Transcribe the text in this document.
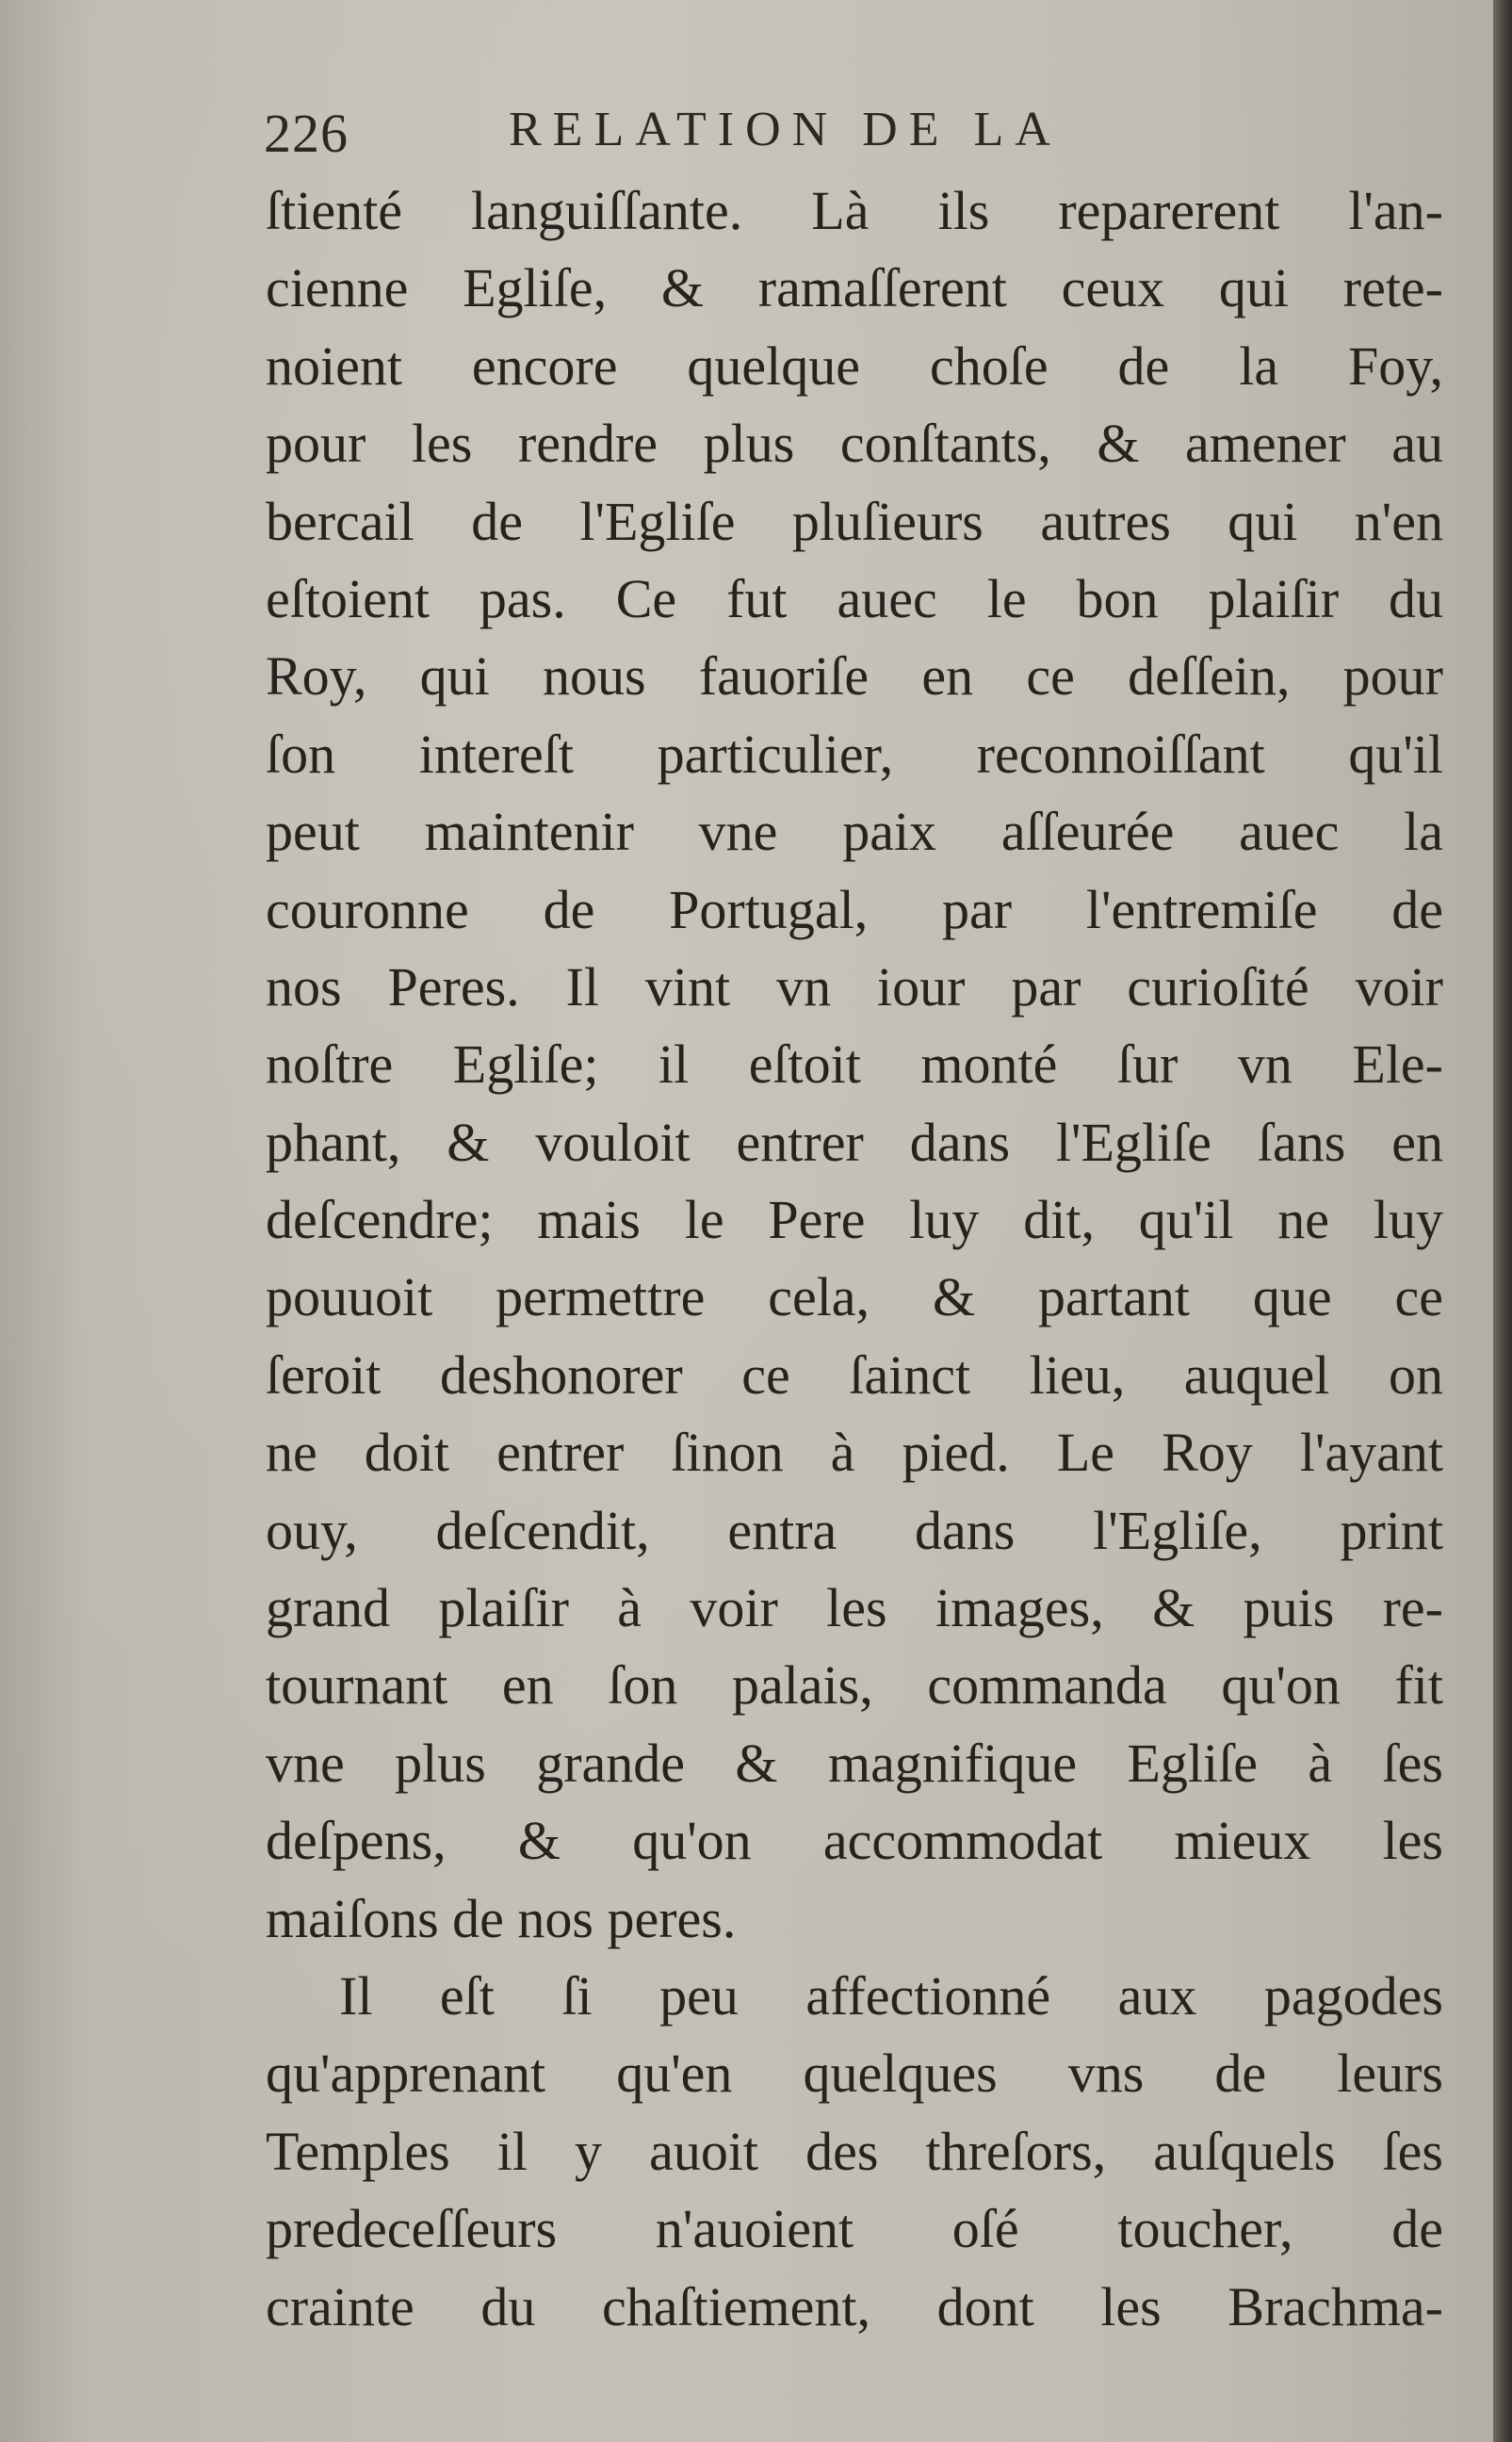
226	RELATION DE LA
ſtienté languiſſante. Là ils reparerent l'an-
cienne Egliſe, & ramaſſerent ceux qui rete-
noient encore quelque choſe de la Foy,
pour les rendre plus conſtants, & amener au
bercail de l'Egliſe pluſieurs autres qui n'en
eſtoient pas. Ce fut auec le bon plaiſir du
Roy, qui nous fauoriſe en ce deſſein, pour
ſon intereſt particulier, reconnoiſſant qu'il
peut maintenir vne paix aſſeurée auec la
couronne de Portugal, par l'entremiſe de
nos Peres. Il vint vn iour par curioſité voir
noſtre Egliſe; il eſtoit monté ſur vn Ele-
phant, & vouloit entrer dans l'Egliſe ſans en
deſcendre; mais le Pere luy dit, qu'il ne luy
pouuoit permettre cela, & partant que ce
ſeroit deshonorer ce ſainct lieu, auquel on
ne doit entrer ſinon à pied. Le Roy l'ayant
ouy, deſcendit, entra dans l'Egliſe, print
grand plaiſir à voir les images, & puis re-
tournant en ſon palais, commanda qu'on fit
vne plus grande & magnifique Egliſe à ſes
deſpens, & qu'on accommodat mieux les
maiſons de nos peres.
Il eſt ſi peu affectionné aux pagodes
qu'apprenant qu'en quelques vns de leurs
Temples il y auoit des threſors, auſquels ſes
predeceſſeurs n'auoient oſé toucher, de
crainte du chaſtiement, dont les Brachma-
